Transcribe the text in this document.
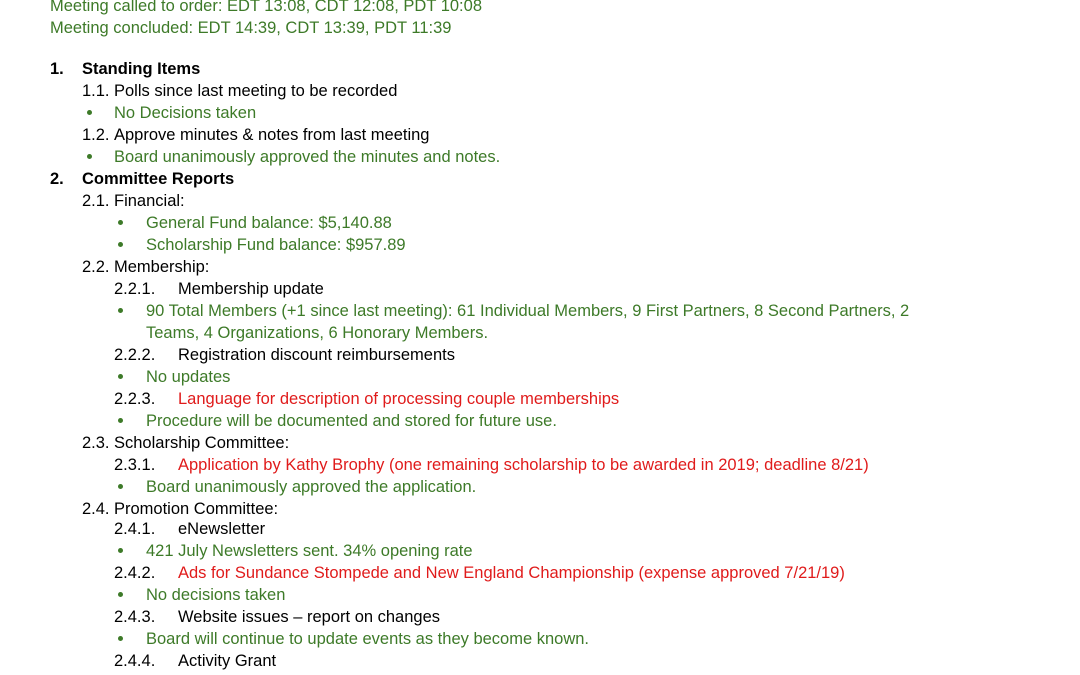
Meeting called to order: EDT 13:08, CDT 12:08, PDT 10:08
Meeting concluded: EDT 14:39, CDT 13:39, PDT 11:39
1. Standing Items
1.1. Polls since last meeting to be recorded
No Decisions taken
1.2. Approve minutes & notes from last meeting
Board unanimously approved the minutes and notes.
2. Committee Reports
2.1. Financial:
General Fund balance: $5,140.88
Scholarship Fund balance: $957.89
2.2. Membership:
2.2.1. Membership update
90 Total Members (+1 since last meeting): 61 Individual Members, 9 First Partners, 8 Second Partners, 2
Teams, 4 Organizations, 6 Honorary Members.
2.2.2. Registration discount reimbursements
No updates
2.2.3. Language for description of processing couple memberships
Procedure will be documented and stored for future use.
2.3. Scholarship Committee:
2.3.1. Application by Kathy Brophy (one remaining scholarship to be awarded in 2019; deadline 8/21)
Board unanimously approved the application.
2.4. Promotion Committee:
2.4.1. eNewsletter
421 July Newsletters sent. 34% opening rate
2.4.2. Ads for Sundance Stompede and New England Championship (expense approved 7/21/19)
No decisions taken
2.4.3. Website issues – report on changes
Board will continue to update events as they become known.
2.4.4. Activity Grant
